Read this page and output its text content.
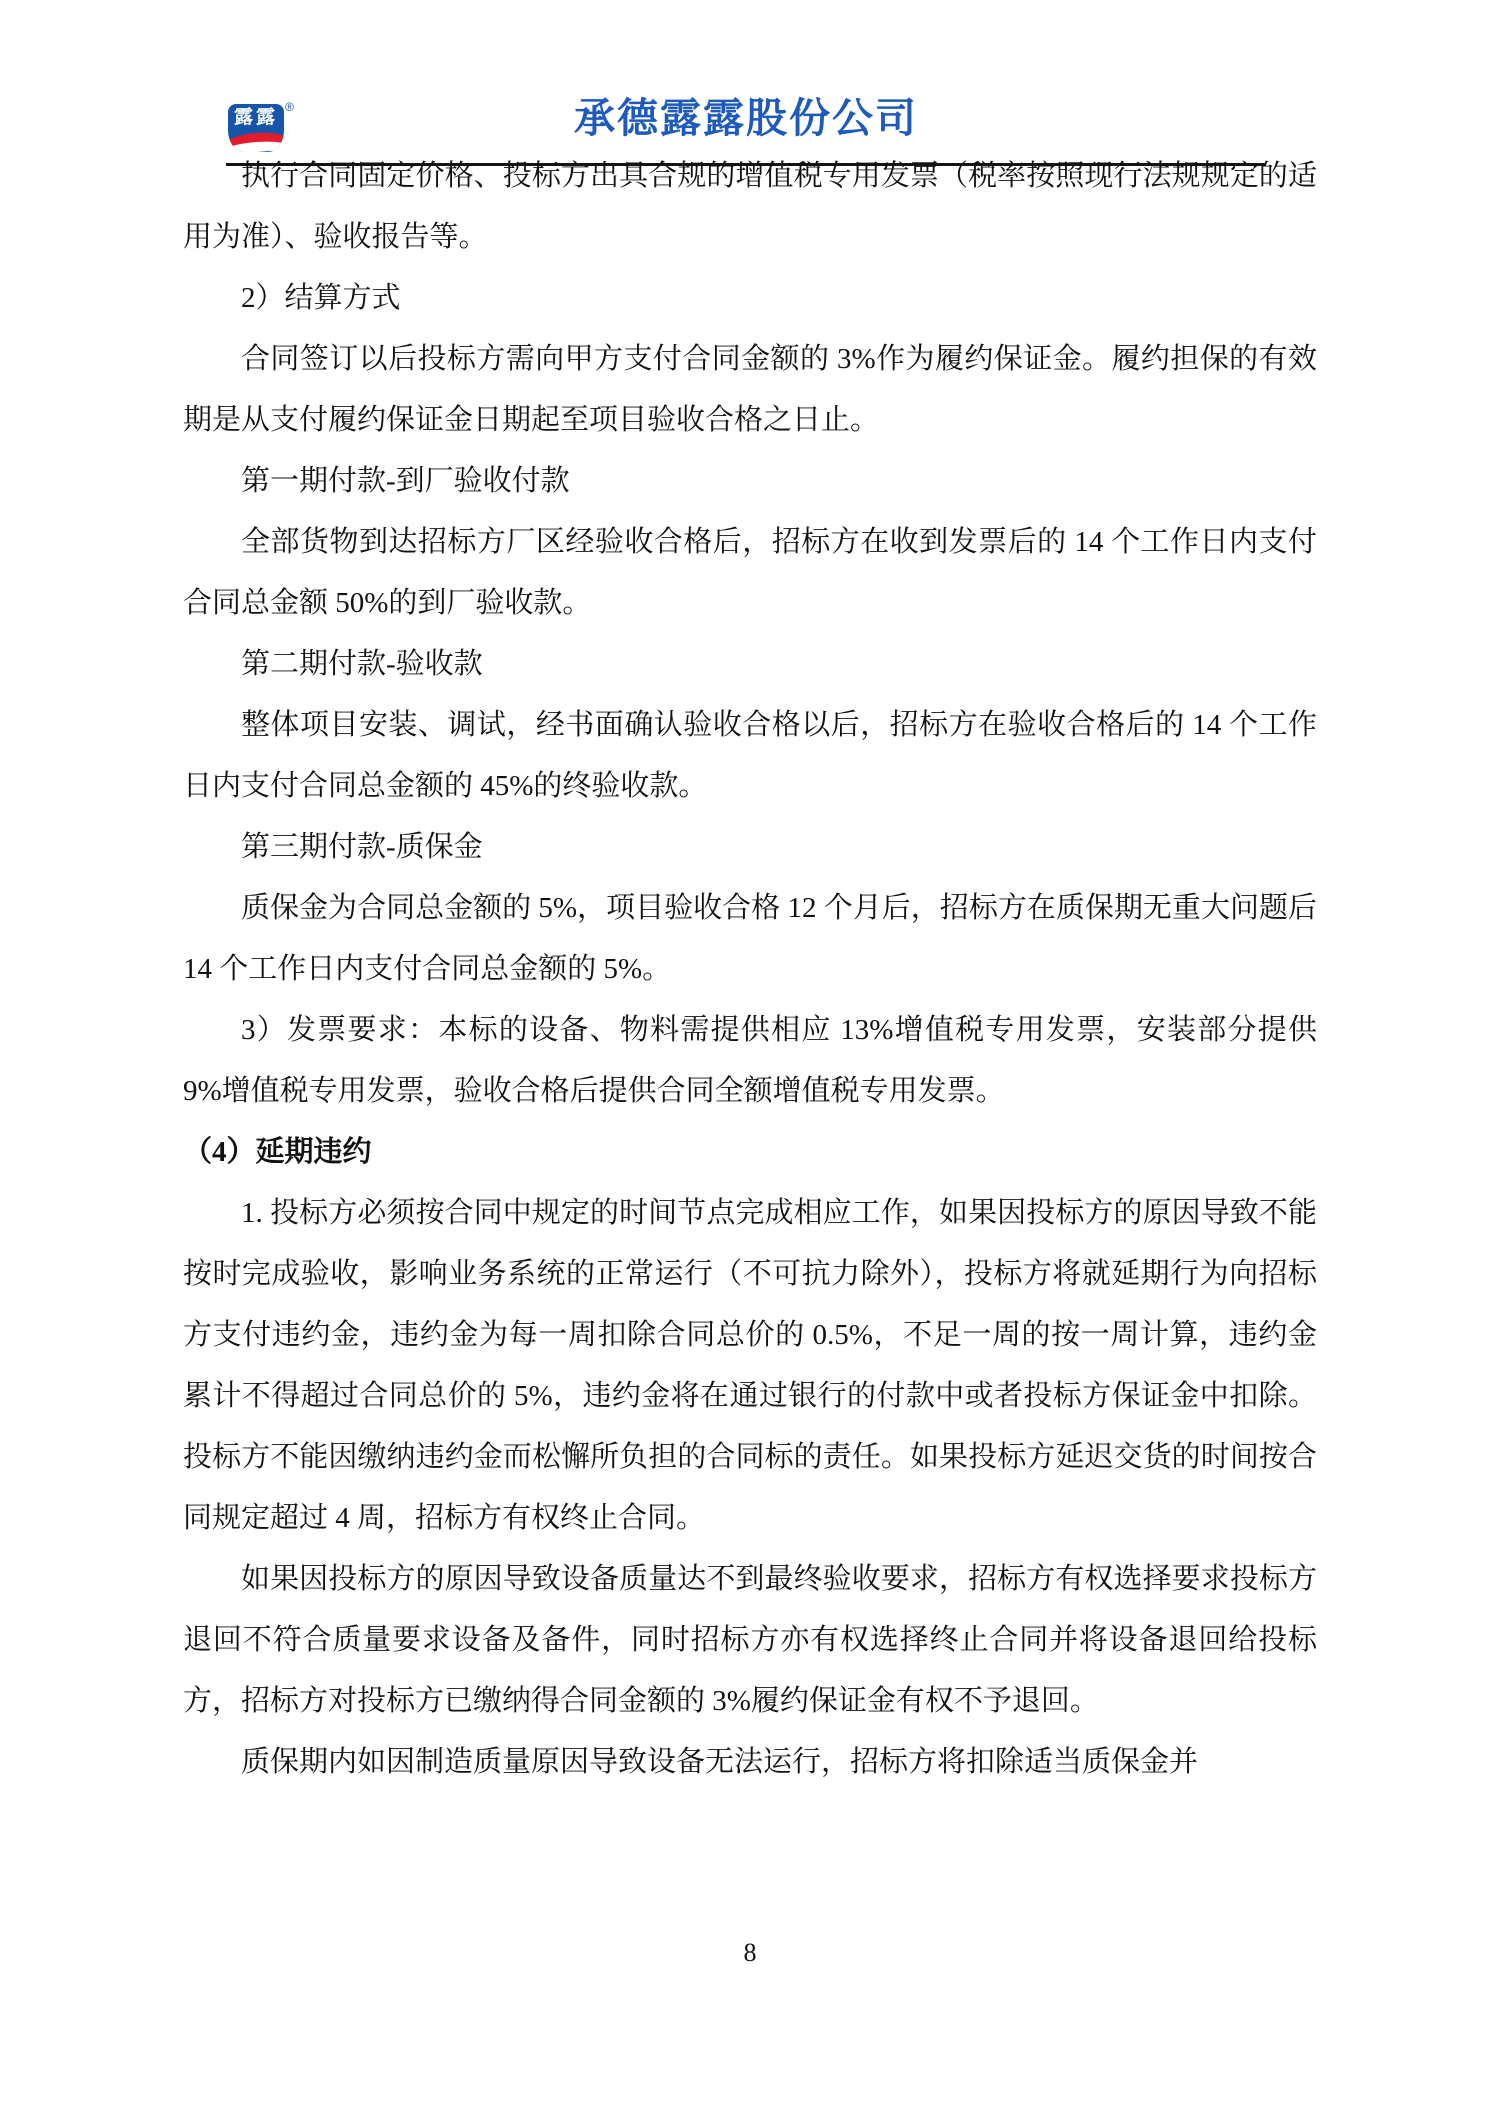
露露 ®	承德露露股份公司

执行合同固定价格、投标方出具合规的增值税专用发票（税率按照现行法规规定的适用为准）、验收报告等。

2）结算方式

合同签订以后投标方需向甲方支付合同金额的 3%作为履约保证金。履约担保的有效期是从支付履约保证金日期起至项目验收合格之日止。

第一期付款-到厂验收付款

全部货物到达招标方厂区经验收合格后，招标方在收到发票后的 14 个工作日内支付合同总金额 50%的到厂验收款。

第二期付款-验收款

整体项目安装、调试，经书面确认验收合格以后，招标方在验收合格后的 14 个工作日内支付合同总金额的 45%的终验收款。

第三期付款-质保金

质保金为合同总金额的 5%，项目验收合格 12 个月后，招标方在质保期无重大问题后 14 个工作日内支付合同总金额的 5%。

3）发票要求：本标的设备、物料需提供相应 13%增值税专用发票，安装部分提供 9%增值税专用发票，验收合格后提供合同全额增值税专用发票。

（4）延期违约

1. 投标方必须按合同中规定的时间节点完成相应工作，如果因投标方的原因导致不能按时完成验收，影响业务系统的正常运行（不可抗力除外），投标方将就延期行为向招标方支付违约金，违约金为每一周扣除合同总价的 0.5%，不足一周的按一周计算，违约金累计不得超过合同总价的 5%，违约金将在通过银行的付款中或者投标方保证金中扣除。投标方不能因缴纳违约金而松懈所负担的合同标的责任。如果投标方延迟交货的时间按合同规定超过 4 周，招标方有权终止合同。

如果因投标方的原因导致设备质量达不到最终验收要求，招标方有权选择要求投标方退回不符合质量要求设备及备件，同时招标方亦有权选择终止合同并将设备退回给投标方，招标方对投标方已缴纳得合同金额的 3%履约保证金有权不予退回。

质保期内如因制造质量原因导致设备无法运行，招标方将扣除适当质保金并

8
